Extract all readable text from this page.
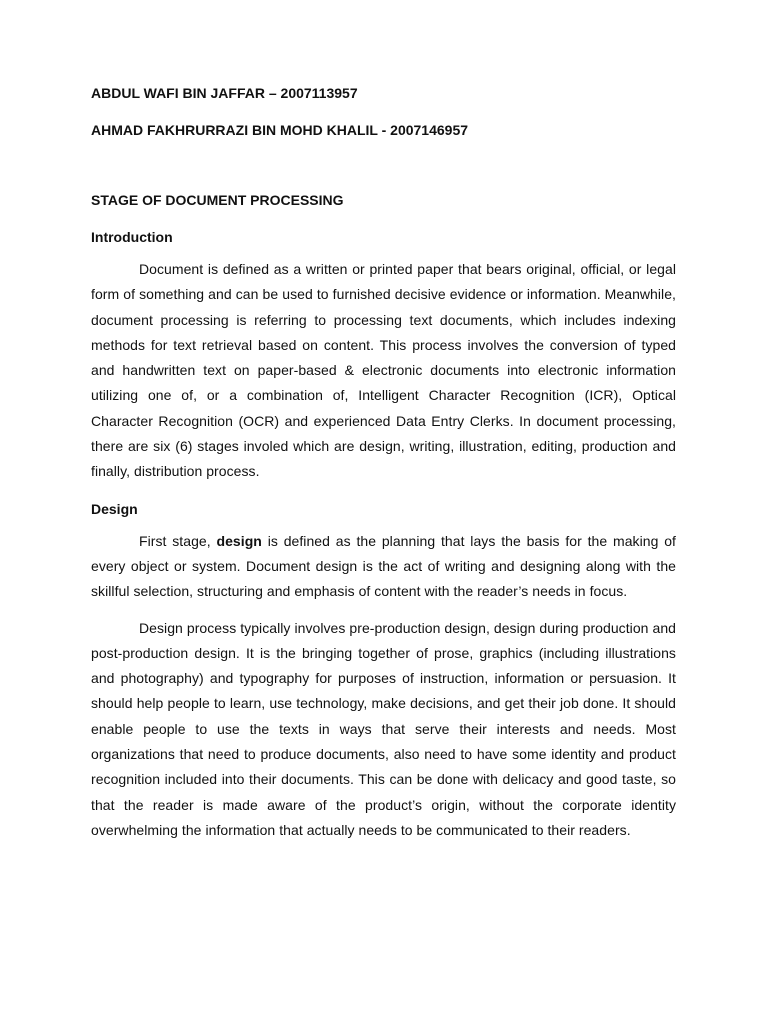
ABDUL WAFI BIN JAFFAR – 2007113957

AHMAD FAKHRURRAZI BIN MOHD KHALIL - 2007146957

STAGE OF DOCUMENT PROCESSING
Introduction

Document is defined as a written or printed paper that bears original, official, or legal form of something and can be used to furnished decisive evidence or information. Meanwhile, document processing is referring to processing text documents, which includes indexing methods for text retrieval based on content. This process involves the conversion of typed and handwritten text on paper-based & electronic documents into electronic information utilizing one of, or a combination of, Intelligent Character Recognition (ICR), Optical Character Recognition (OCR) and experienced Data Entry Clerks. In document processing, there are six (6) stages involed which are design, writing, illustration, editing, production and finally, distribution process.

Design

First stage, design is defined as the planning that lays the basis for the making of every object or system. Document design is the act of writing and designing along with the skillful selection, structuring and emphasis of content with the reader’s needs in focus.

Design process typically involves pre-production design, design during production and post-production design. It is the bringing together of prose, graphics (including illustrations and photography) and typography for purposes of instruction, information or persuasion. It should help people to learn, use technology, make decisions, and get their job done. It should enable people to use the texts in ways that serve their interests and needs. Most organizations that need to produce documents, also need to have some identity and product recognition included into their documents. This can be done with delicacy and good taste, so that the reader is made aware of the product’s origin, without the corporate identity overwhelming the information that actually needs to be communicated to their readers.
